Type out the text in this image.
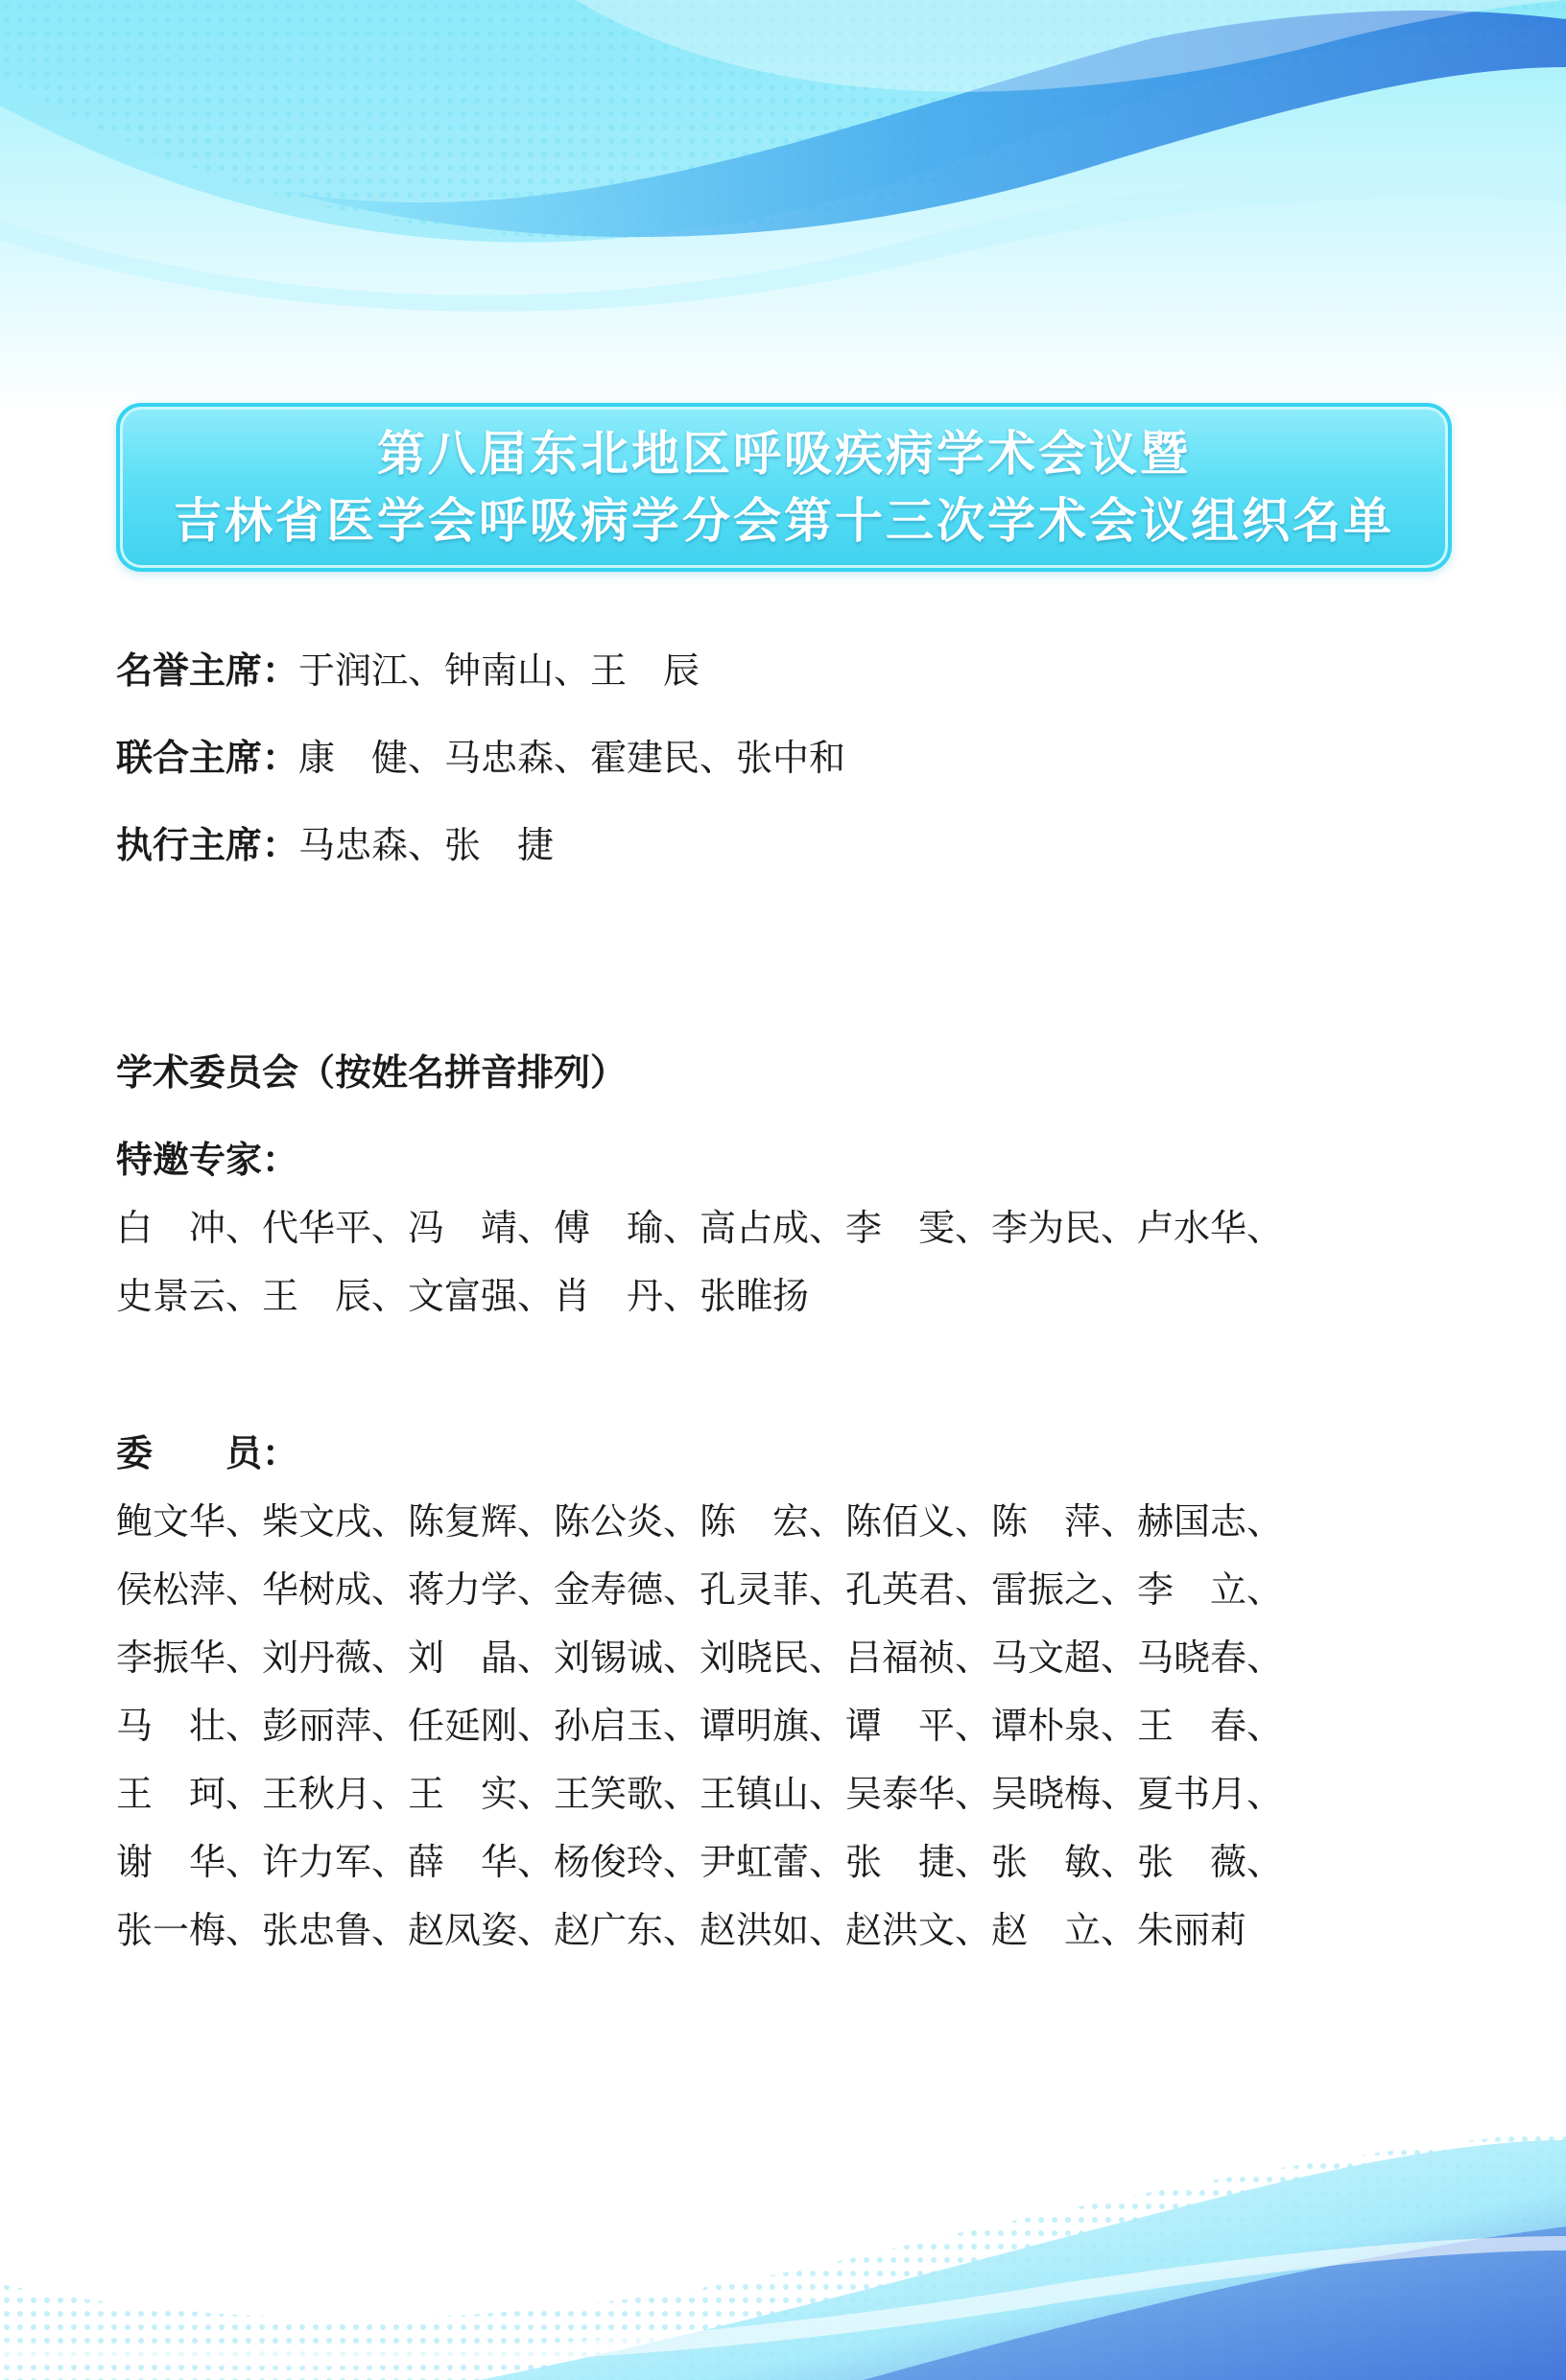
第八届东北地区呼吸疾病学术会议暨
吉林省医学会呼吸病学分会第十三次学术会议组织名单
名誉主席：于润江、钟南山、王　辰
联合主席：康　健、马忠森、霍建民、张中和
执行主席：马忠森、张　捷
学术委员会（按姓名拼音排列）
特邀专家：
白　冲、代华平、冯　靖、傅　瑜、高占成、李　雯、李为民、卢水华、
史景云、王　辰、文富强、肖　丹、张睢扬
委　　员：
鲍文华、柴文戌、陈复辉、陈公炎、陈　宏、陈佰义、陈　萍、赫国志、
侯松萍、华树成、蒋力学、金寿德、孔灵菲、孔英君、雷振之、李　立、
李振华、刘丹薇、刘　晶、刘锡诚、刘晓民、吕福祯、马文超、马晓春、
马　壮、彭丽萍、任延刚、孙启玉、谭明旗、谭　平、谭朴泉、王　春、
王　珂、王秋月、王　实、王笑歌、王镇山、吴泰华、吴晓梅、夏书月、
谢　华、许力军、薛　华、杨俊玲、尹虹蕾、张　捷、张　敏、张　薇、
张一梅、张忠鲁、赵凤姿、赵广东、赵洪如、赵洪文、赵　立、朱丽莉
